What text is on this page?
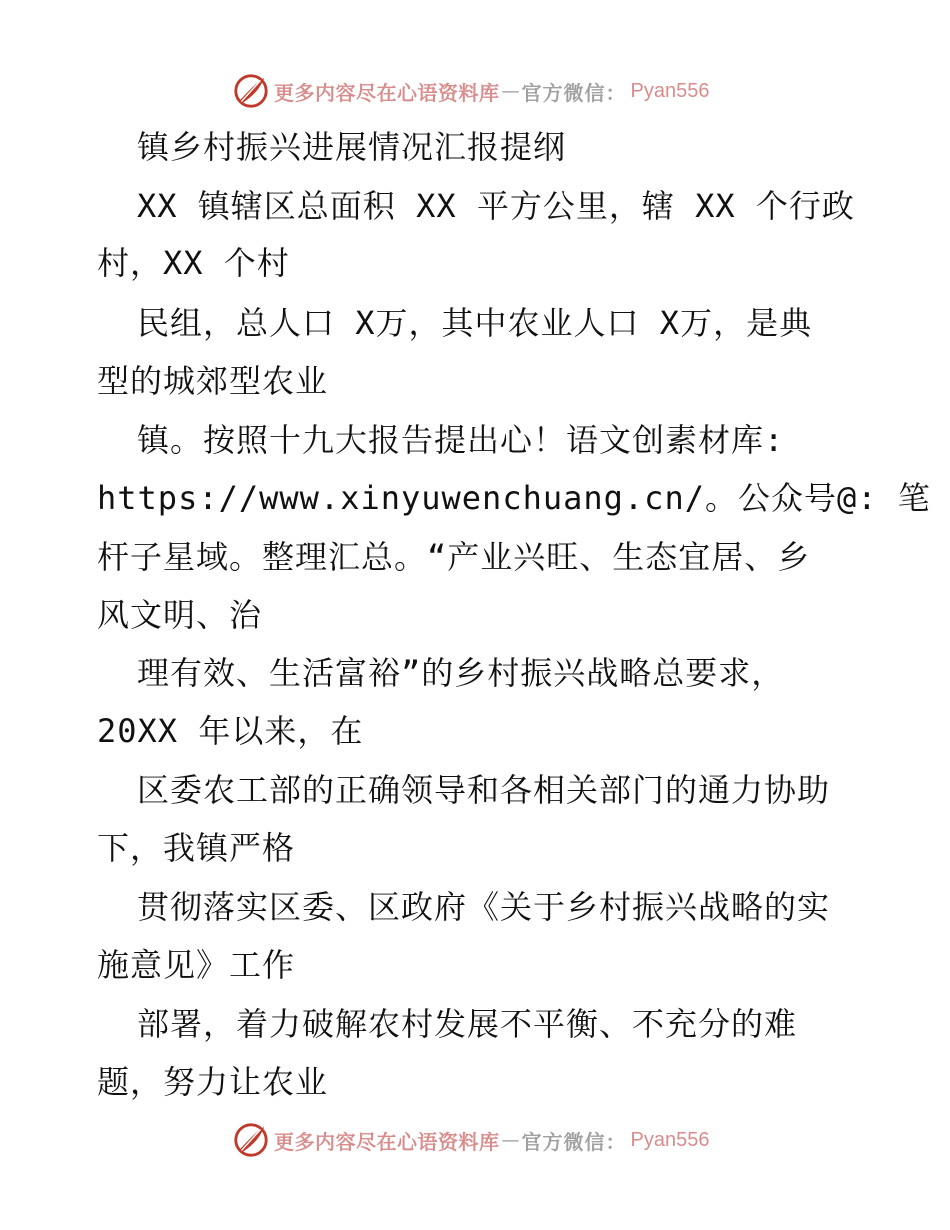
更多内容尽在心语资料库 — 官方微信： Pyan556
镇乡村振兴进展情况汇报提纲
XX 镇辖区总面积 XX 平方公里，辖 XX 个行政
村，XX 个村
民组，总人口 X万，其中农业人口 X万，是典
型的城郊型农业
镇。按照十九大报告提出心！语文创素材库:
https://www.xinyuwenchuang.cn/。公众号@: 笔
杆子星域。整理汇总。“产业兴旺、生态宜居、乡
风文明、治
理有效、生活富裕”的乡村振兴战略总要求，
20XX 年以来，在
区委农工部的正确领导和各相关部门的通力协助
下，我镇严格
贯彻落实区委、区政府《关于乡村振兴战略的实
施意见》工作
部署，着力破解农村发展不平衡、不充分的难
题，努力让农业
更多内容尽在心语资料库 — 官方微信： Pyan556
